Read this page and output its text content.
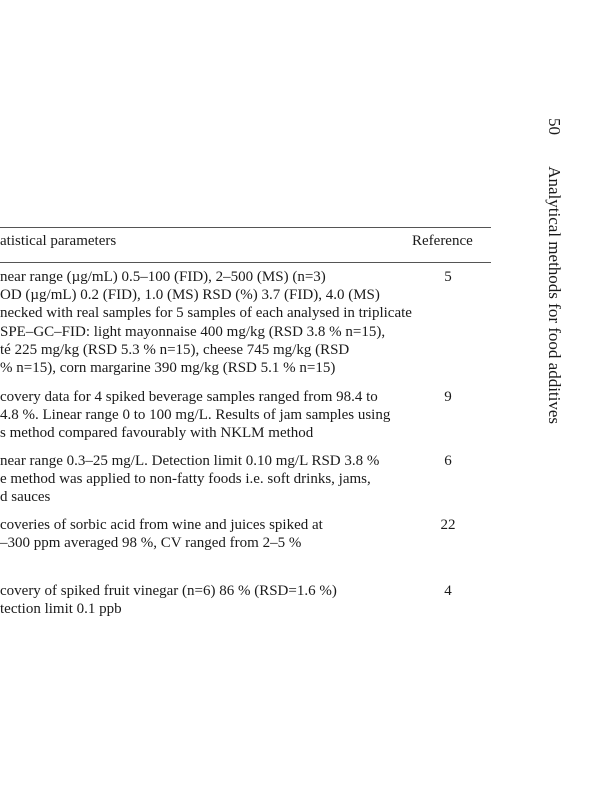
50 Analytical methods for food additives
atistical parameters	Reference
near range (µg/mL) 0.5–100 (FID), 2–500 (MS) (n=3)
OD (µg/mL) 0.2 (FID), 1.0 (MS) RSD (%) 3.7 (FID), 4.0 (MS)
necked with real samples for 5 samples of each analysed in triplicate
SPE–GC–FID: light mayonnaise 400 mg/kg (RSD 3.8 % n=15),
té 225 mg/kg (RSD 5.3 % n=15), cheese 745 mg/kg (RSD
% n=15), corn margarine 390 mg/kg (RSD 5.1 % n=15)
5
covery data for 4 spiked beverage samples ranged from 98.4 to
4.8 %. Linear range 0 to 100 mg/L. Results of jam samples using
s method compared favourably with NKLM method
9
near range 0.3–25 mg/L. Detection limit 0.10 mg/L RSD 3.8 %
e method was applied to non-fatty foods i.e. soft drinks, jams,
d sauces
6
coveries of sorbic acid from wine and juices spiked at
–300 ppm averaged 98 %, CV ranged from 2–5 %
22
covery of spiked fruit vinegar (n=6) 86 % (RSD=1.6 %)
tection limit 0.1 ppb
4
